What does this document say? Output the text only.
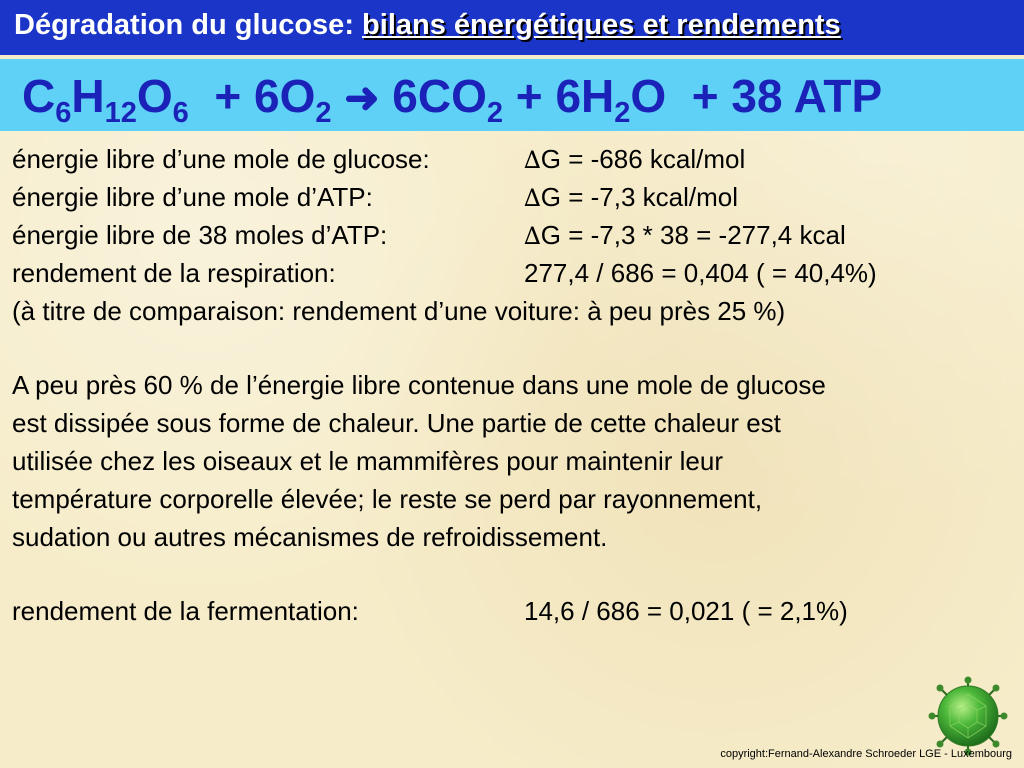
Dégradation du glucose: bilans énergétiques et rendements
$C_6H_{12}O_6 + 6O_2$ ➜ $6CO_2 + 6H_2O + 38$ ATP
énergie libre d’une mole de glucose:	∆G = -686 kcal/mol
énergie libre d’une mole d’ATP:	∆G = -7,3 kcal/mol
énergie libre de 38 moles d’ATP:	∆G = -7,3 * 38 = -277,4 kcal
rendement de la respiration:	277,4 / 686 = 0,404 ( = 40,4%)
(à titre de comparaison: rendement d’une voiture: à peu près 25 %)
A peu près 60 % de l’énergie libre contenue dans une mole de glucose
est dissipée sous forme de chaleur. Une partie de cette chaleur est
utilisée chez les oiseaux et le mammifères pour maintenir leur
température corporelle élevée; le reste se perd par rayonnement,
sudation ou autres mécanismes de refroidissement.
rendement de la fermentation:	14,6 / 686 = 0,021 ( = 2,1%)
copyright:Fernand-Alexandre Schroeder LGE - Luxembourg
